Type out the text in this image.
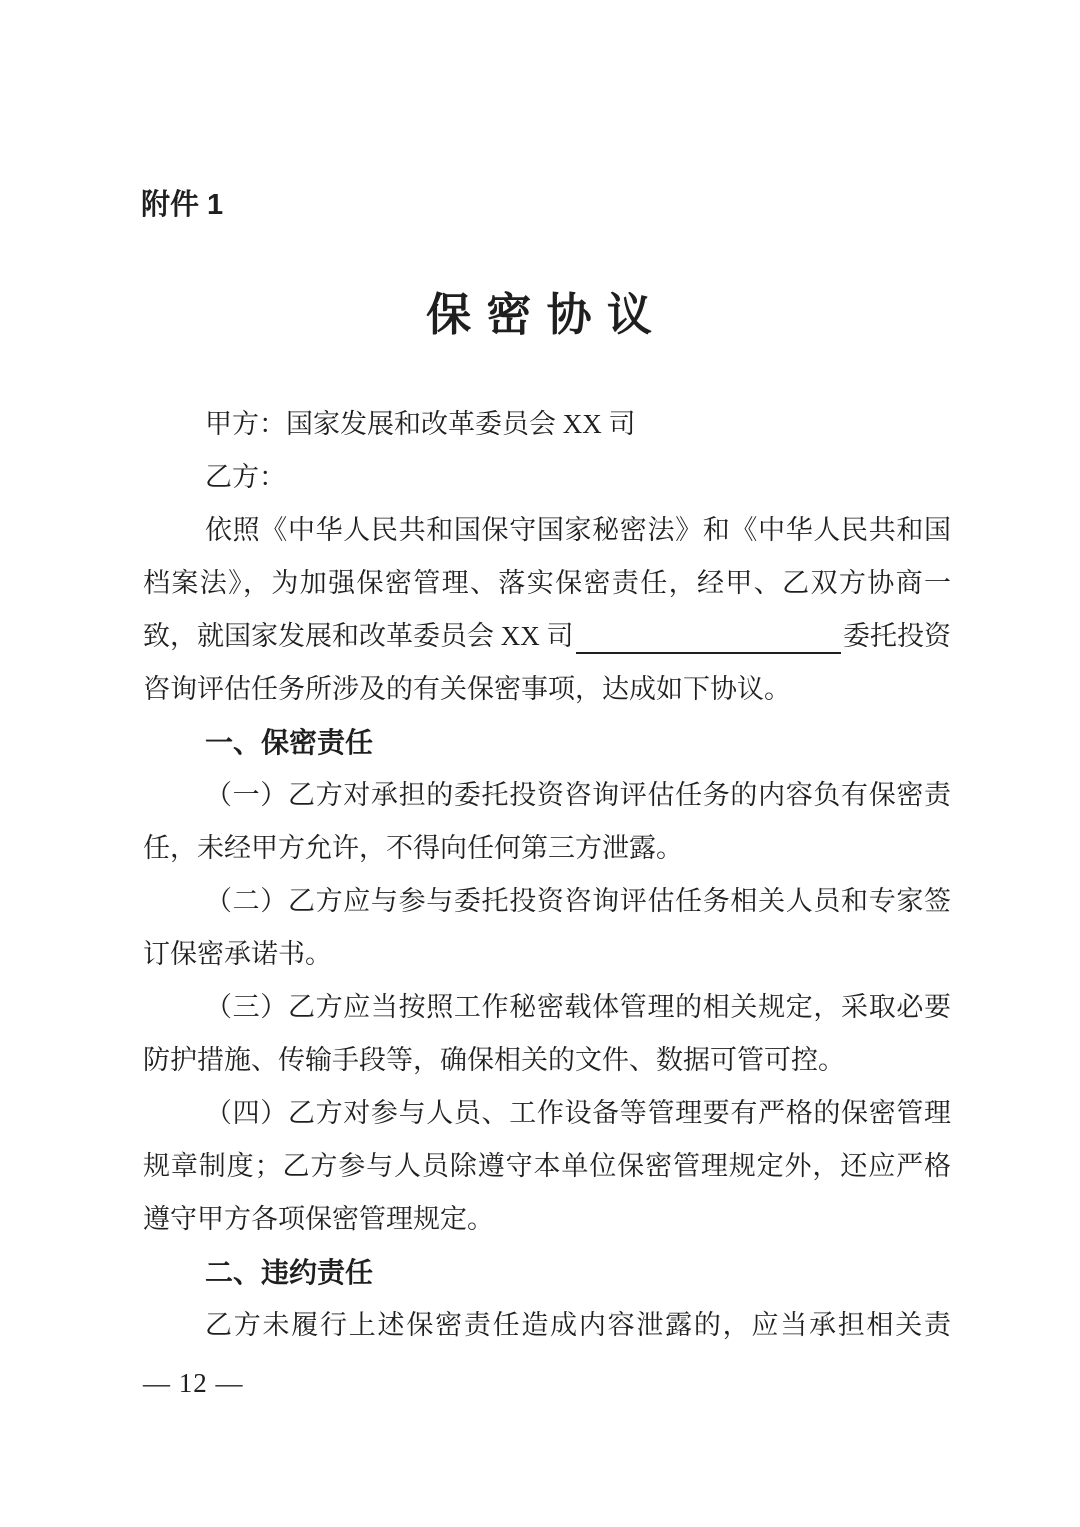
附件 1
保 密 协 议
甲方：国家发展和改革委员会 XX 司
乙方：
依照《中华人民共和国保守国家秘密法》和《中华人民共和国
档案法》，为加强保密管理、落实保密责任，经甲、乙双方协商一
致，就国家发展和改革委员会 XX 司	委托投资
咨询评估任务所涉及的有关保密事项，达成如下协议。
一、保密责任
（一）乙方对承担的委托投资咨询评估任务的内容负有保密责
任，未经甲方允许，不得向任何第三方泄露。
（二）乙方应与参与委托投资咨询评估任务相关人员和专家签
订保密承诺书。
（三）乙方应当按照工作秘密载体管理的相关规定，采取必要
防护措施、传输手段等，确保相关的文件、数据可管可控。
（四）乙方对参与人员、工作设备等管理要有严格的保密管理
规章制度；乙方参与人员除遵守本单位保密管理规定外，还应严格
遵守甲方各项保密管理规定。
二、违约责任
乙方未履行上述保密责任造成内容泄露的，应当承担相关责
— 12 —
